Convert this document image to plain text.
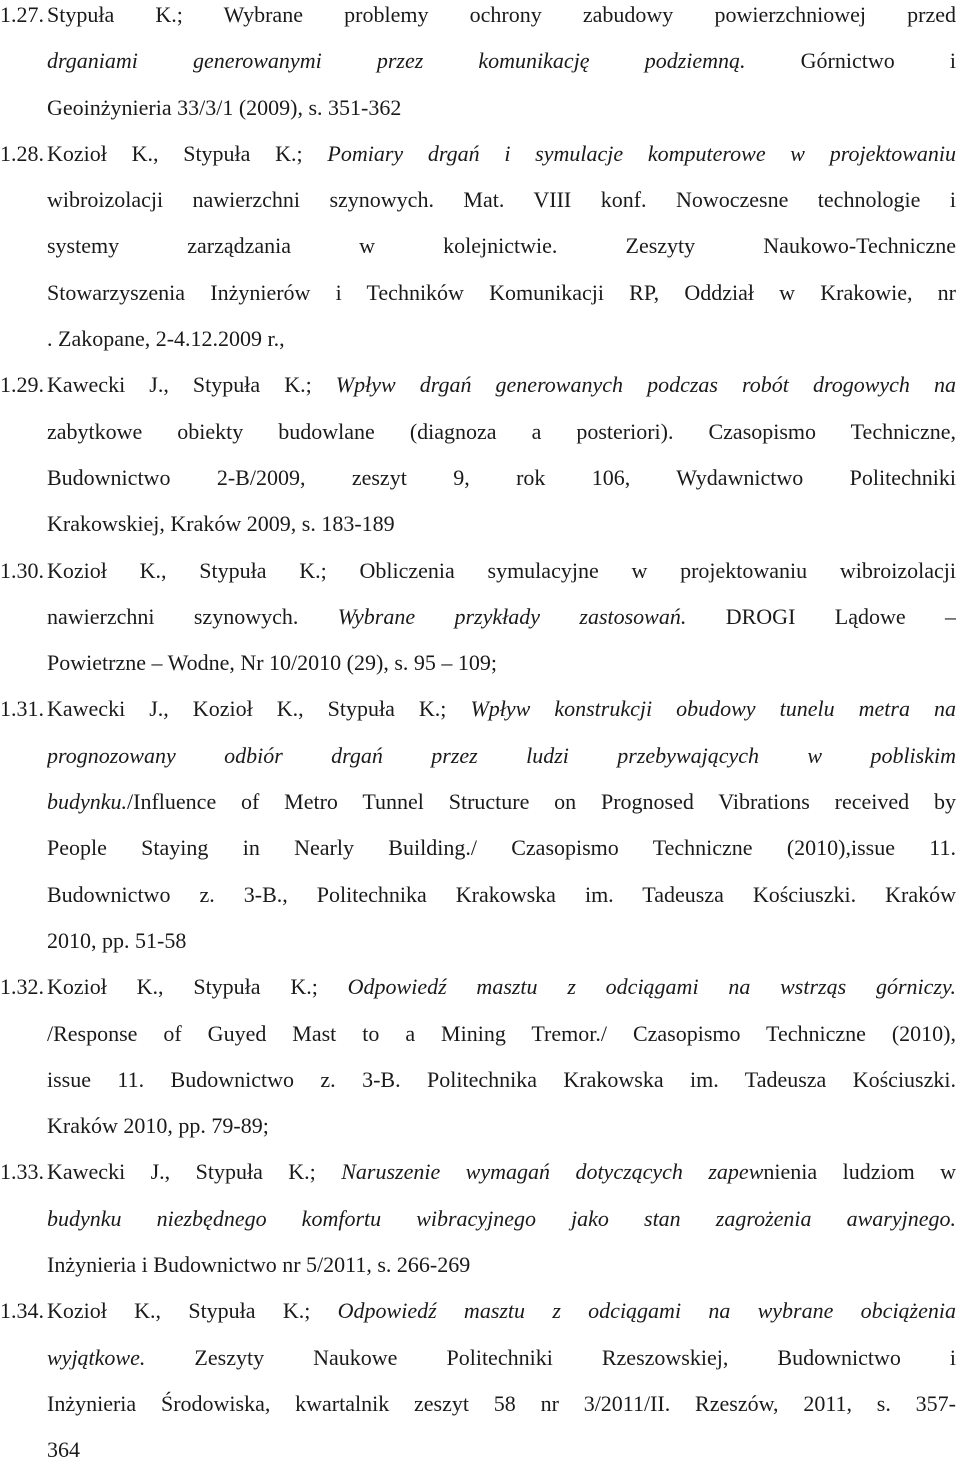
1.27. Stypuła K.; Wybrane problemy ochrony zabudowy powierzchniowej przed
drganiami generowanymi przez komunikację podziemną. Górnictwo i
Geoinżynieria 33/3/1 (2009), s. 351-362
1.28. Kozioł K., Stypuła K.; Pomiary drgań i symulacje komputerowe w projektowaniu
wibroizolacji nawierzchni szynowych. Mat. VIII konf. Nowoczesne technologie i
systemy zarządzania w kolejnictwie. Zeszyty Naukowo-Techniczne
Stowarzyszenia Inżynierów i Techników Komunikacji RP, Oddział w Krakowie, nr
. Zakopane, 2-4.12.2009 r.,
1.29. Kawecki J., Stypuła K.; Wpływ drgań generowanych podczas robót drogowych na
zabytkowe obiekty budowlane (diagnoza a posteriori). Czasopismo Techniczne,
Budownictwo 2-B/2009, zeszyt 9, rok 106, Wydawnictwo Politechniki
Krakowskiej, Kraków 2009, s. 183-189
1.30. Kozioł K., Stypuła K.; Obliczenia symulacyjne w projektowaniu wibroizolacji
nawierzchni szynowych. Wybrane przykłady zastosowań. DROGI Lądowe –
Powietrzne – Wodne, Nr 10/2010 (29), s. 95 – 109;
1.31. Kawecki J., Kozioł K., Stypuła K.; Wpływ konstrukcji obudowy tunelu metra na
prognozowany odbiór drgań przez ludzi przebywających w pobliskim
budynku./Influence of Metro Tunnel Structure on Prognosed Vibrations received by
People Staying in Nearly Building./ Czasopismo Techniczne (2010),issue 11.
Budownictwo z. 3-B., Politechnika Krakowska im. Tadeusza Kościuszki. Kraków
2010, pp. 51-58
1.32. Kozioł K., Stypuła K.; Odpowiedź masztu z odciągami na wstrząs górniczy.
/Response of Guyed Mast to a Mining Tremor./ Czasopismo Techniczne (2010),
issue 11. Budownictwo z. 3-B. Politechnika Krakowska im. Tadeusza Kościuszki.
Kraków 2010, pp. 79-89;
1.33. Kawecki J., Stypuła K.; Naruszenie wymagań dotyczących zapewnienia ludziom w
budynku niezbędnego komfortu wibracyjnego jako stan zagrożenia awaryjnego.
Inżynieria i Budownictwo nr 5/2011, s. 266-269
1.34. Kozioł K., Stypuła K.; Odpowiedź masztu z odciągami na wybrane obciążenia
wyjątkowe. Zeszyty Naukowe Politechniki Rzeszowskiej, Budownictwo i
Inżynieria Środowiska, kwartalnik zeszyt 58 nr 3/2011/II. Rzeszów, 2011, s. 357-
364
